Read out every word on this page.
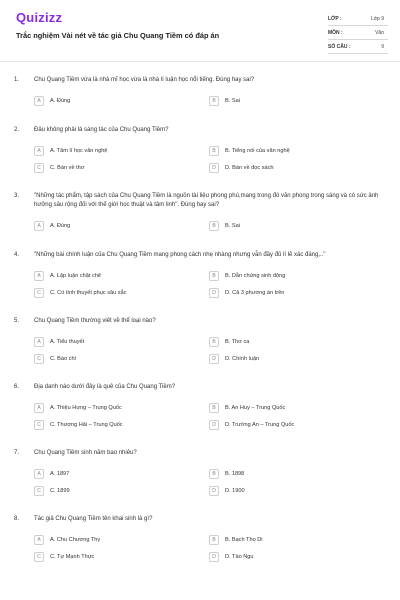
Quizizz
Trắc nghiệm Vài nét về tác giả Chu Quang Tiềm có đáp án
LỚP :	Lớp 9
MÔN :	Văn
SỐ CÂU :	9
1.	Chu Quang Tiềm vừa là nhà mĩ học vừa là nhà lí luận học nổi tiếng. Đúng hay sai?
A	A. Đúng	B	B. Sai
2.	Đâu không phải là sáng tác của Chu Quang Tiềm?
A	A. Tâm lí học văn nghệ	B	B. Tiếng nói của văn nghệ
C	C. Bàn về thơ	D	D. Bàn về đọc sách
3.	"Những tác phẩm, tập sách của Chu Quang Tiềm là nguồn tài liệu phong phú,mang trong đó văn phong trong sáng và có sức ảnh hưởng sâu rộng đối với thế giới học thuật và tâm linh". Đúng hay sai?
A	A. Đúng	B	B. Sai
4.	"Những bài chính luận của Chu Quang Tiềm mang phong cách nhẹ nhàng nhưng vẫn đầy đủ lí lẽ xác đáng,.."
A	A. Lập luận chặt chẽ	B	B. Dẫn chứng sinh động
C	C. Có tính thuyết phục sâu sắc	D	D. Cả 3 phương án trên
5.	Chu Quang Tiềm thường viết về thể loại nào?
A	A. Tiểu thuyết	B	B. Thơ ca
C	C. Báo chí	D	D. Chính luận
6.	Địa danh nào dưới đây là quê của Chu Quang Tiềm?
A	A. Thiệu Hưng – Trung Quốc	B	B. An Huy – Trung Quốc
C	C. Thượng Hải – Trung Quốc	D	D. Trường An – Trung Quốc
7.	Chu Quang Tiềm sinh năm bao nhiêu?
A	A. 1897	B	B. 1898
C	C. 1899	D	D. 1900
8.	Tác giả Chu Quang Tiềm tên khai sinh là gì?
A	A. Chu Chương Thy	B	B. Bạch Thọ Di
C	C. Tự Mạnh Thực	D	D. Tào Ngu
